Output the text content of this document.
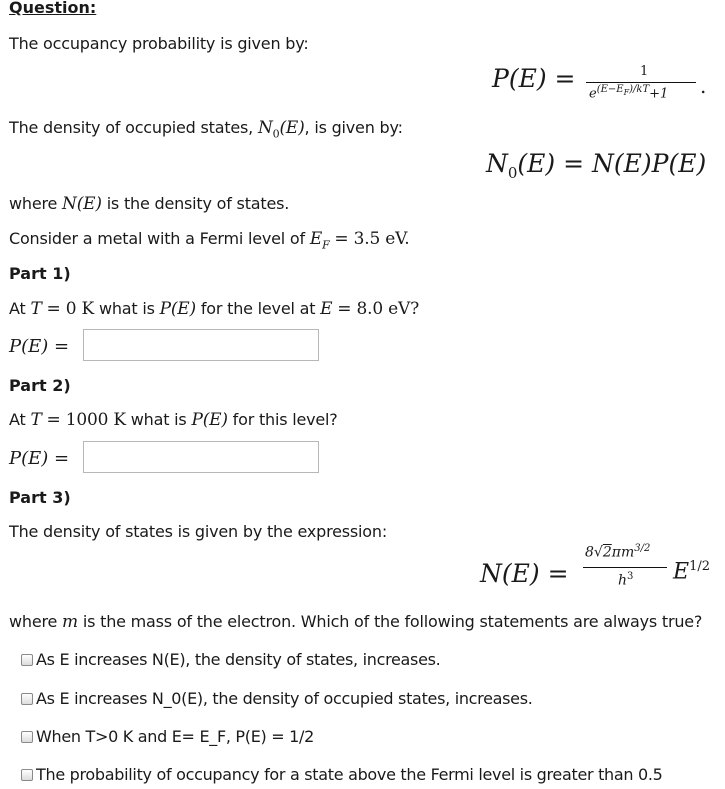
Question:
The occupancy probability is given by:
P(E) =	1
$e^{(E-E_F)/kT}+1$ .
The density of occupied states, $N_0(E)$, is given by:
$N_0(E) = N(E)P(E)$
where N(E) is the density of states.
Consider a metal with a Fermi level of $E_F = 3.5$ eV.
Part 1)
At T = 0 K what is P(E) for the level at E = 8.0 eV?
P(E) =
Part 2)
At T = 1000 K what is P(E) for this level?
P(E) =
Part 3)
The density of states is given by the expression:
N(E) =
$8√2\pi m^{3/2}$
$h^3$ $E^{1/2}$
where m is the mass of the electron. Which of the following statements are always true?
As E increases N(E), the density of states, increases.
As E increases N_0(E), the density of occupied states, increases.
When T>0 K and E= E_F, P(E) = 1/2
The probability of occupancy for a state above the Fermi level is greater than 0.5
